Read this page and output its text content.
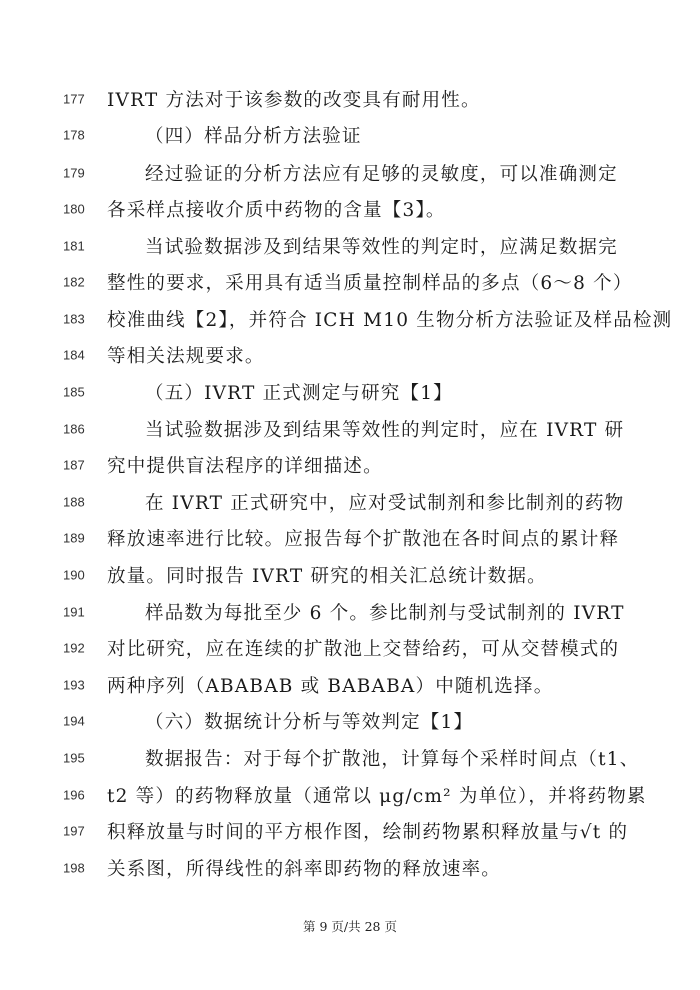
177 IVRT 方法对于该参数的改变具有耐用性。
178	（四）样品分析方法验证
179	经过验证的分析方法应有足够的灵敏度，可以准确测定
180 各采样点接收介质中药物的含量【3】。
181	当试验数据涉及到结果等效性的判定时，应满足数据完
182 整性的要求，采用具有适当质量控制样品的多点（6～8 个）
183 校准曲线【2】，并符合 ICH M10 生物分析方法验证及样品检测
184 等相关法规要求。
185	（五）IVRT 正式测定与研究【1】
186	当试验数据涉及到结果等效性的判定时，应在 IVRT 研
187 究中提供盲法程序的详细描述。
188	在 IVRT 正式研究中，应对受试制剂和参比制剂的药物
189 释放速率进行比较。应报告每个扩散池在各时间点的累计释
190 放量。同时报告 IVRT 研究的相关汇总统计数据。
191	样品数为每批至少 6 个。参比制剂与受试制剂的 IVRT
192 对比研究，应在连续的扩散池上交替给药，可从交替模式的
193 两种序列（ABABAB 或 BABABA）中随机选择。
194	（六）数据统计分析与等效判定【1】
195	数据报告：对于每个扩散池，计算每个采样时间点（t1、
196 t2 等）的药物释放量（通常以 μg/cm² 为单位），并将药物累
197 积释放量与时间的平方根作图，绘制药物累积释放量与√t 的
198 关系图，所得线性的斜率即药物的释放速率。
第 9 页/共 28 页
